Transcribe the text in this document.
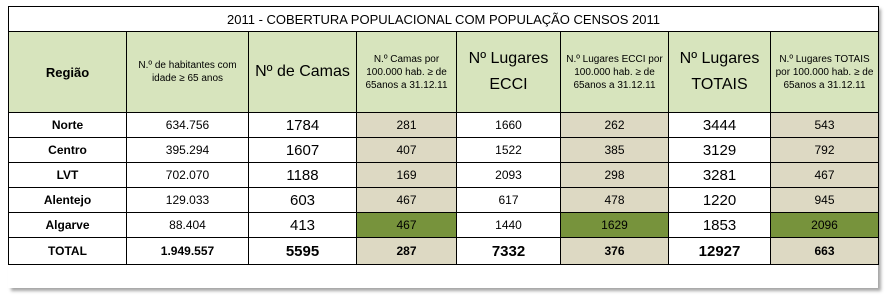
2011 - COBERTURA POPULACIONAL COM POPULAÇÃO CENSOS 2011							
Região	N.º de habitantes com idade ≥ 65 anos	Nº de Camas	N.º Camas por 100.000 hab. ≥ de 65anos a 31.12.11	Nº Lugares ECCI	N.º Lugares ECCI por 100.000 hab. ≥ de 65anos a 31.12.11	Nº Lugares TOTAIS	N.º Lugares TOTAIS por 100.000 hab. ≥ de 65anos a 31.12.11
Norte	634.756	1784	281	1660	262	3444	543
Centro	395.294	1607	407	1522	385	3129	792
LVT	702.070	1188	169	2093	298	3281	467
Alentejo	129.033	603	467	617	478	1220	945
Algarve	88.404	413	467	1440	1629	1853	2096
TOTAL	1.949.557	5595	287	7332	376	12927	663
